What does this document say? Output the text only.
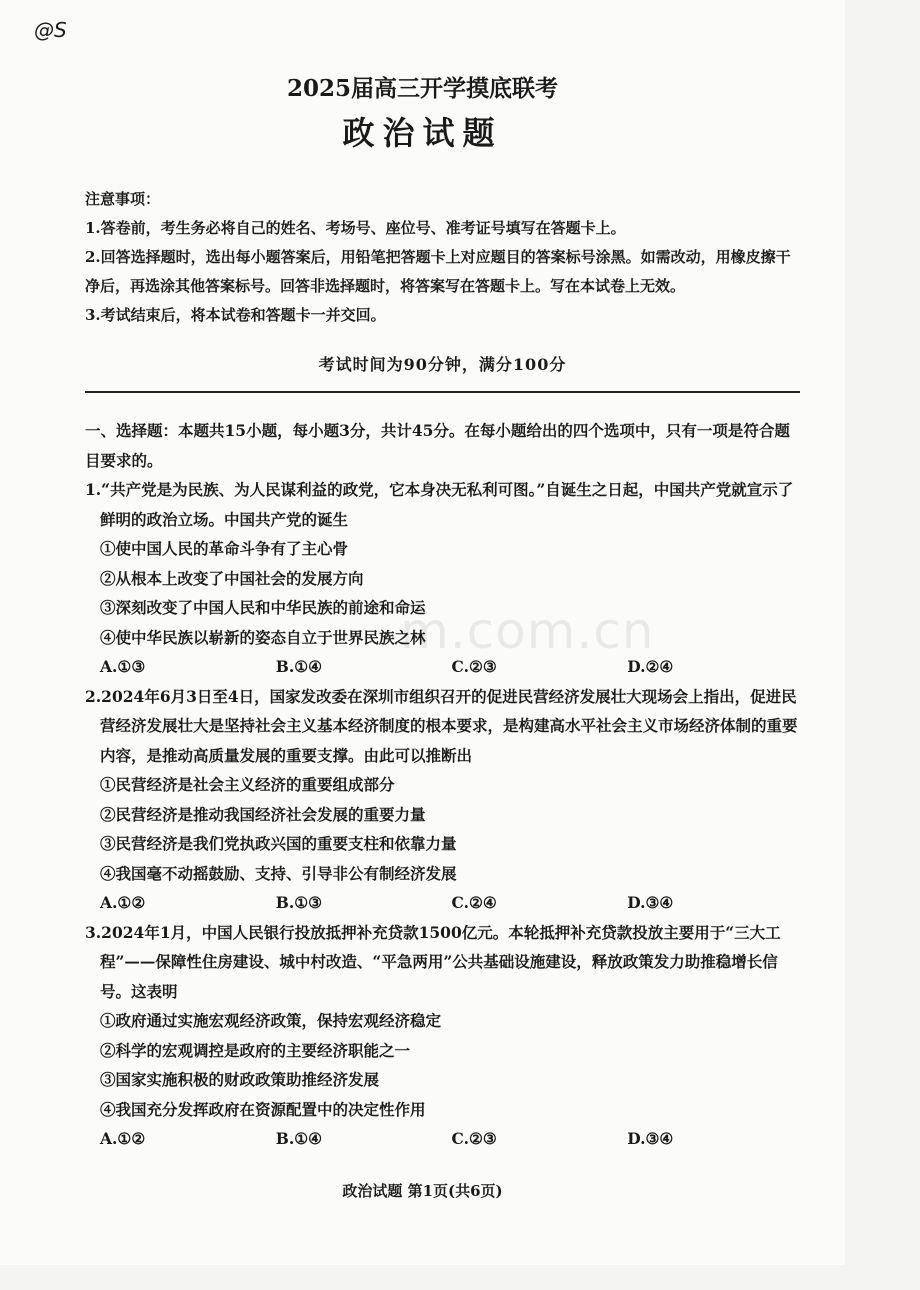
@S
m.com.cn
2025届高三开学摸底联考
政治试题
注意事项：
1.答卷前，考生务必将自己的姓名、考场号、座位号、准考证号填写在答题卡上。
2.回答选择题时，选出每小题答案后，用铅笔把答题卡上对应题目的答案标号涂黑。如需改动，用橡皮擦干净后，再选涂其他答案标号。回答非选择题时，将答案写在答题卡上。写在本试卷上无效。
3.考试结束后，将本试卷和答题卡一并交回。
考试时间为90分钟，满分100分

一、选择题：本题共15小题，每小题3分，共计45分。在每小题给出的四个选项中，只有一项是符合题目要求的。

1.“共产党是为民族、为人民谋利益的政党，它本身决无私利可图。”自诞生之日起，中国共产党就宣示了鲜明的政治立场。中国共产党的诞生

①使中国人民的革命斗争有了主心骨

②从根本上改变了中国社会的发展方向

③深刻改变了中国人民和中华民族的前途和命运

④使中华民族以崭新的姿态自立于世界民族之林

A.①③	B.①④	C.②③	D.②④

2.2024年6月3日至4日，国家发改委在深圳市组织召开的促进民营经济发展壮大现场会上指出，促进民营经济发展壮大是坚持社会主义基本经济制度的根本要求，是构建高水平社会主义市场经济体制的重要内容，是推动高质量发展的重要支撑。由此可以推断出

①民营经济是社会主义经济的重要组成部分

②民营经济是推动我国经济社会发展的重要力量

③民营经济是我们党执政兴国的重要支柱和依靠力量

④我国毫不动摇鼓励、支持、引导非公有制经济发展

A.①②	B.①③	C.②④	D.③④

3.2024年1月，中国人民银行投放抵押补充贷款1500亿元。本轮抵押补充贷款投放主要用于“三大工程”——保障性住房建设、城中村改造、“平急两用”公共基础设施建设，释放政策发力助推稳增长信号。这表明

①政府通过实施宏观经济政策，保持宏观经济稳定

②科学的宏观调控是政府的主要经济职能之一

③国家实施积极的财政政策助推经济发展

④我国充分发挥政府在资源配置中的决定性作用

A.①②	B.①④	C.②③	D.③④
政治试题 第1页(共6页)
